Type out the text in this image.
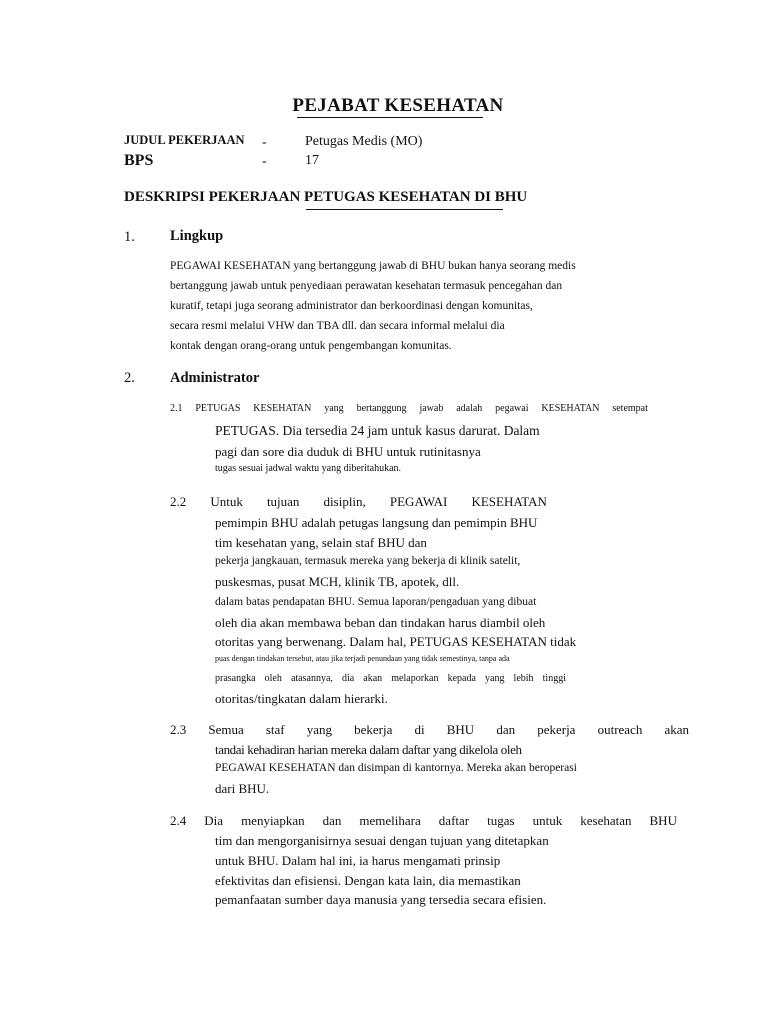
PEJABAT KESEHATAN
JUDUL PEKERJAAN -	Petugas Medis (MO)
BPS	-	17
DESKRIPSI PEKERJAAN PETUGAS KESEHATAN DI BHU
1. Lingkup
PEGAWAI KESEHATAN yang bertanggung jawab di BHU bukan hanya seorang medis
bertanggung jawab untuk penyediaan perawatan kesehatan termasuk pencegahan dan
kuratif, tetapi juga seorang administrator dan berkoordinasi dengan komunitas,
secara resmi melalui VHW dan TBA dll. dan secara informal melalui dia
kontak dengan orang-orang untuk pengembangan komunitas.
2. Administrator
2.1 PETUGAS KESEHATAN yang bertanggung jawab adalah pegawai KESEHATAN setempat
PETUGAS. Dia tersedia 24 jam untuk kasus darurat. Dalam
pagi dan sore dia duduk di BHU untuk rutinitasnya
tugas sesuai jadwal waktu yang diberitahukan.
2.2 Untuk tujuan disiplin, PEGAWAI KESEHATAN
pemimpin BHU adalah petugas langsung dan pemimpin BHU
tim kesehatan yang, selain staf BHU dan
pekerja jangkauan, termasuk mereka yang bekerja di klinik satelit,
puskesmas, pusat MCH, klinik TB, apotek, dll.
dalam batas pendapatan BHU. Semua laporan/pengaduan yang dibuat
oleh dia akan membawa beban dan tindakan harus diambil oleh
otoritas yang berwenang. Dalam hal, PETUGAS KESEHATAN tidak
puas dengan tindakan tersebut, atau jika terjadi penundaan yang tidak semestinya, tanpa ada
prasangka oleh atasannya, dia akan melaporkan kepada yang lebih tinggi
otoritas/tingkatan dalam hierarki.
2.3 Semua staf yang bekerja di BHU dan pekerja outreach akan
tandai kehadiran harian mereka dalam daftar yang dikelola oleh
PEGAWAI KESEHATAN dan disimpan di kantornya. Mereka akan beroperasi
dari BHU.
2.4 Dia menyiapkan dan memelihara daftar tugas untuk kesehatan BHU
tim dan mengorganisirnya sesuai dengan tujuan yang ditetapkan
untuk BHU. Dalam hal ini, ia harus mengamati prinsip
efektivitas dan efisiensi. Dengan kata lain, dia memastikan
pemanfaatan sumber daya manusia yang tersedia secara efisien.
